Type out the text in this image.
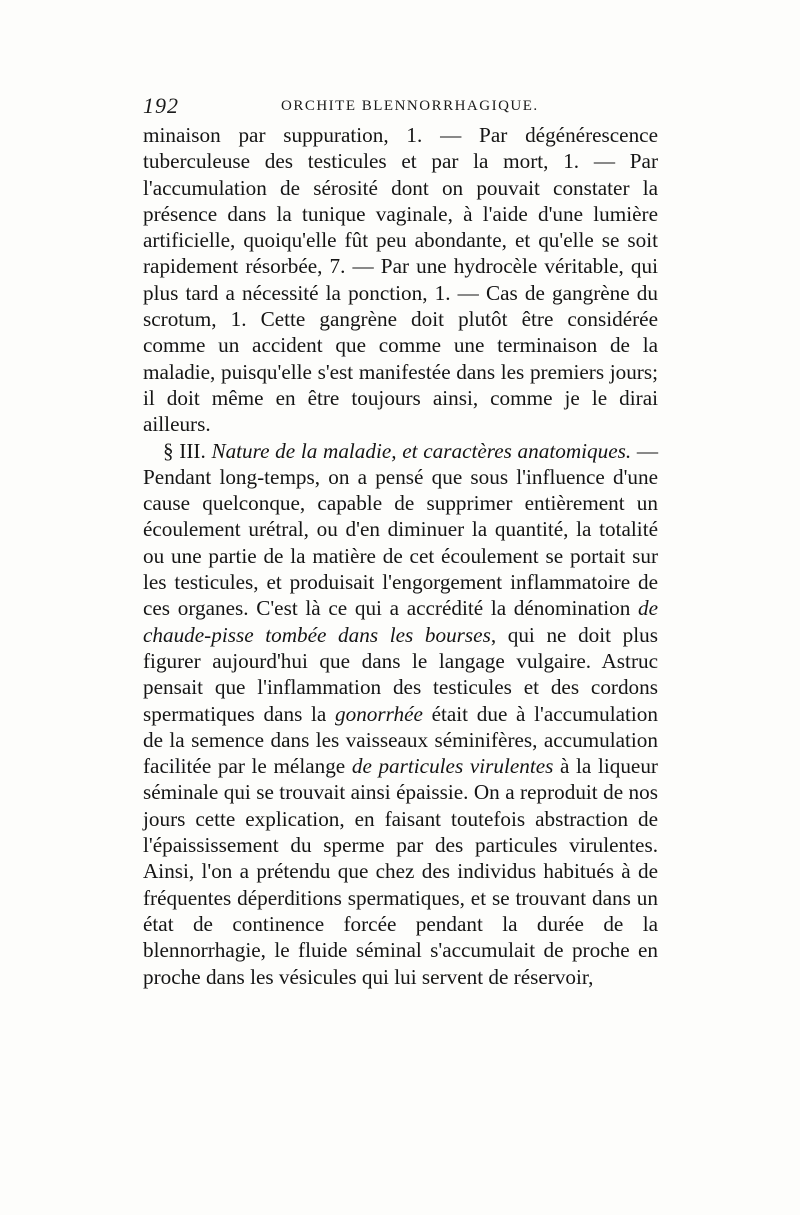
192	ORCHITE BLENNORRHAGIQUE.

minaison par suppuration, 1. — Par dégénérescence tuberculeuse des testicules et par la mort, 1. — Par l'accumulation de sérosité dont on pouvait constater la présence dans la tunique vaginale, à l'aide d'une lumière artificielle, quoiqu'elle fût peu abondante, et qu'elle se soit rapidement résorbée, 7. — Par une hydrocèle véritable, qui plus tard a nécessité la ponction, 1. — Cas de gangrène du scrotum, 1. Cette gangrène doit plutôt être considérée comme un accident que comme une terminaison de la maladie, puisqu'elle s'est manifestée dans les premiers jours; il doit même en être toujours ainsi, comme je le dirai ailleurs.

§ III. Nature de la maladie, et caractères anatomiques. — Pendant long-temps, on a pensé que sous l'influence d'une cause quelconque, capable de supprimer entièrement un écoulement urétral, ou d'en diminuer la quantité, la totalité ou une partie de la matière de cet écoulement se portait sur les testicules, et produisait l'engorgement inflammatoire de ces organes. C'est là ce qui a accrédité la dénomination de chaude-pisse tombée dans les bourses, qui ne doit plus figurer aujourd'hui que dans le langage vulgaire. Astruc pensait que l'inflammation des testicules et des cordons spermatiques dans la gonorrhée était due à l'accumulation de la semence dans les vaisseaux séminifères, accumulation facilitée par le mélange de particules virulentes à la liqueur séminale qui se trouvait ainsi épaissie. On a reproduit de nos jours cette explication, en faisant toutefois abstraction de l'épaississement du sperme par des particules virulentes. Ainsi, l'on a prétendu que chez des individus habitués à de fréquentes déperditions spermatiques, et se trouvant dans un état de continence forcée pendant la durée de la blennorrhagie, le fluide séminal s'accumulait de proche en proche dans les vésicules qui lui servent de réservoir,
